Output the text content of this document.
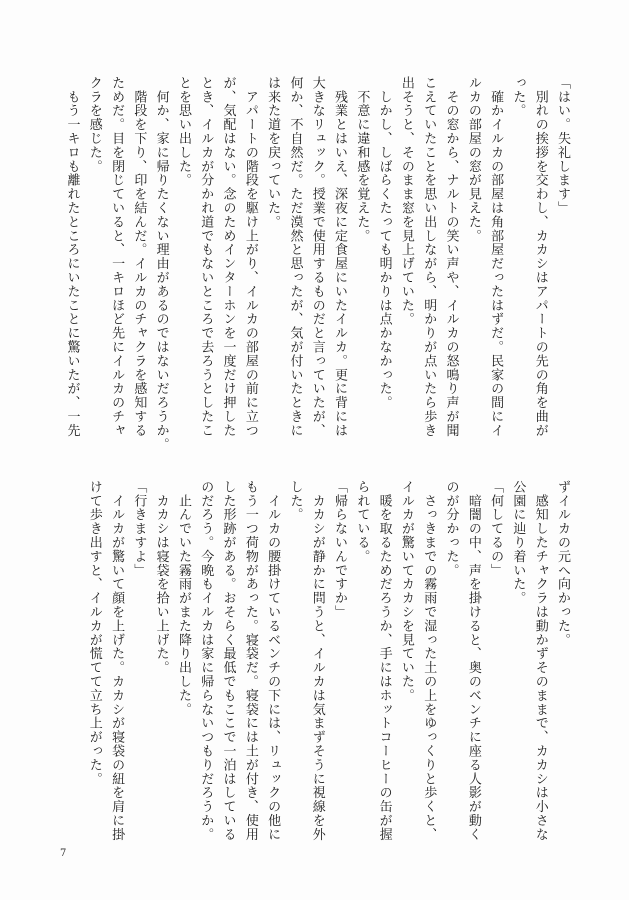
「はい。失礼します」

　別れの挨拶を交わし、カカシはアパートの先の角を曲が

った。

　確かイルカの部屋は角部屋だったはずだ。民家の間にイ

ルカの部屋の窓が見えた。

　その窓から、ナルトの笑い声や、イルカの怒鳴り声が聞

こえていたことを思い出しながら、明かりが点いたら歩き

出そうと、そのまま窓を見上げていた。

　しかし、しばらくたっても明かりは点かなかった。

　不意に違和感を覚えた。

　残業とはいえ、深夜に定食屋にいたイルカ。更に背には

大きなリュック。授業で使用するものだと言っていたが、

何か、不自然だ。ただ漠然と思ったが、気が付いたときに

は来た道を戻っていた。

　アパートの階段を駆け上がり、イルカの部屋の前に立つ

が、気配はない。念のためインターホンを一度だけ押した

とき、イルカが分かれ道でもないところで去ろうとしたこ

とを思い出した。

　何か、家に帰りたくない理由があるのではないだろうか。

　階段を下り、印を結んだ。イルカのチャクラを感知する

ためだ。目を閉じていると、一キロほど先にイルカのチャ

クラを感じた。

　もう一キロも離れたところにいたことに驚いたが、一先

ずイルカの元へ向かった。

　感知したチャクラは動かずそのままで、カカシは小さな

公園に辿り着いた。

「何してるの」

　暗闇の中、声を掛けると、奥のベンチに座る人影が動く

のが分かった。

　さっきまでの霧雨で湿った土の上をゆっくりと歩くと、

イルカが驚いてカカシを見ていた。

　暖を取るためだろうか、手にはホットコーヒーの缶が握

られている。

「帰らないんですか」

　カカシが静かに問うと、イルカは気まずそうに視線を外

した。

　イルカの腰掛けているベンチの下には、リュックの他に

もう一つ荷物があった。寝袋だ。寝袋には土が付き、使用

した形跡がある。おそらく最低でもここで一泊はしている

のだろう。今晩もイルカは家に帰らないつもりだろうか。

　止んでいた霧雨がまた降り出した。

　カカシは寝袋を拾い上げた。

「行きますよ」

　イルカが驚いて顔を上げた。カカシが寝袋の紐を肩に掛

けて歩き出すと、イルカが慌てて立ち上がった。

7
